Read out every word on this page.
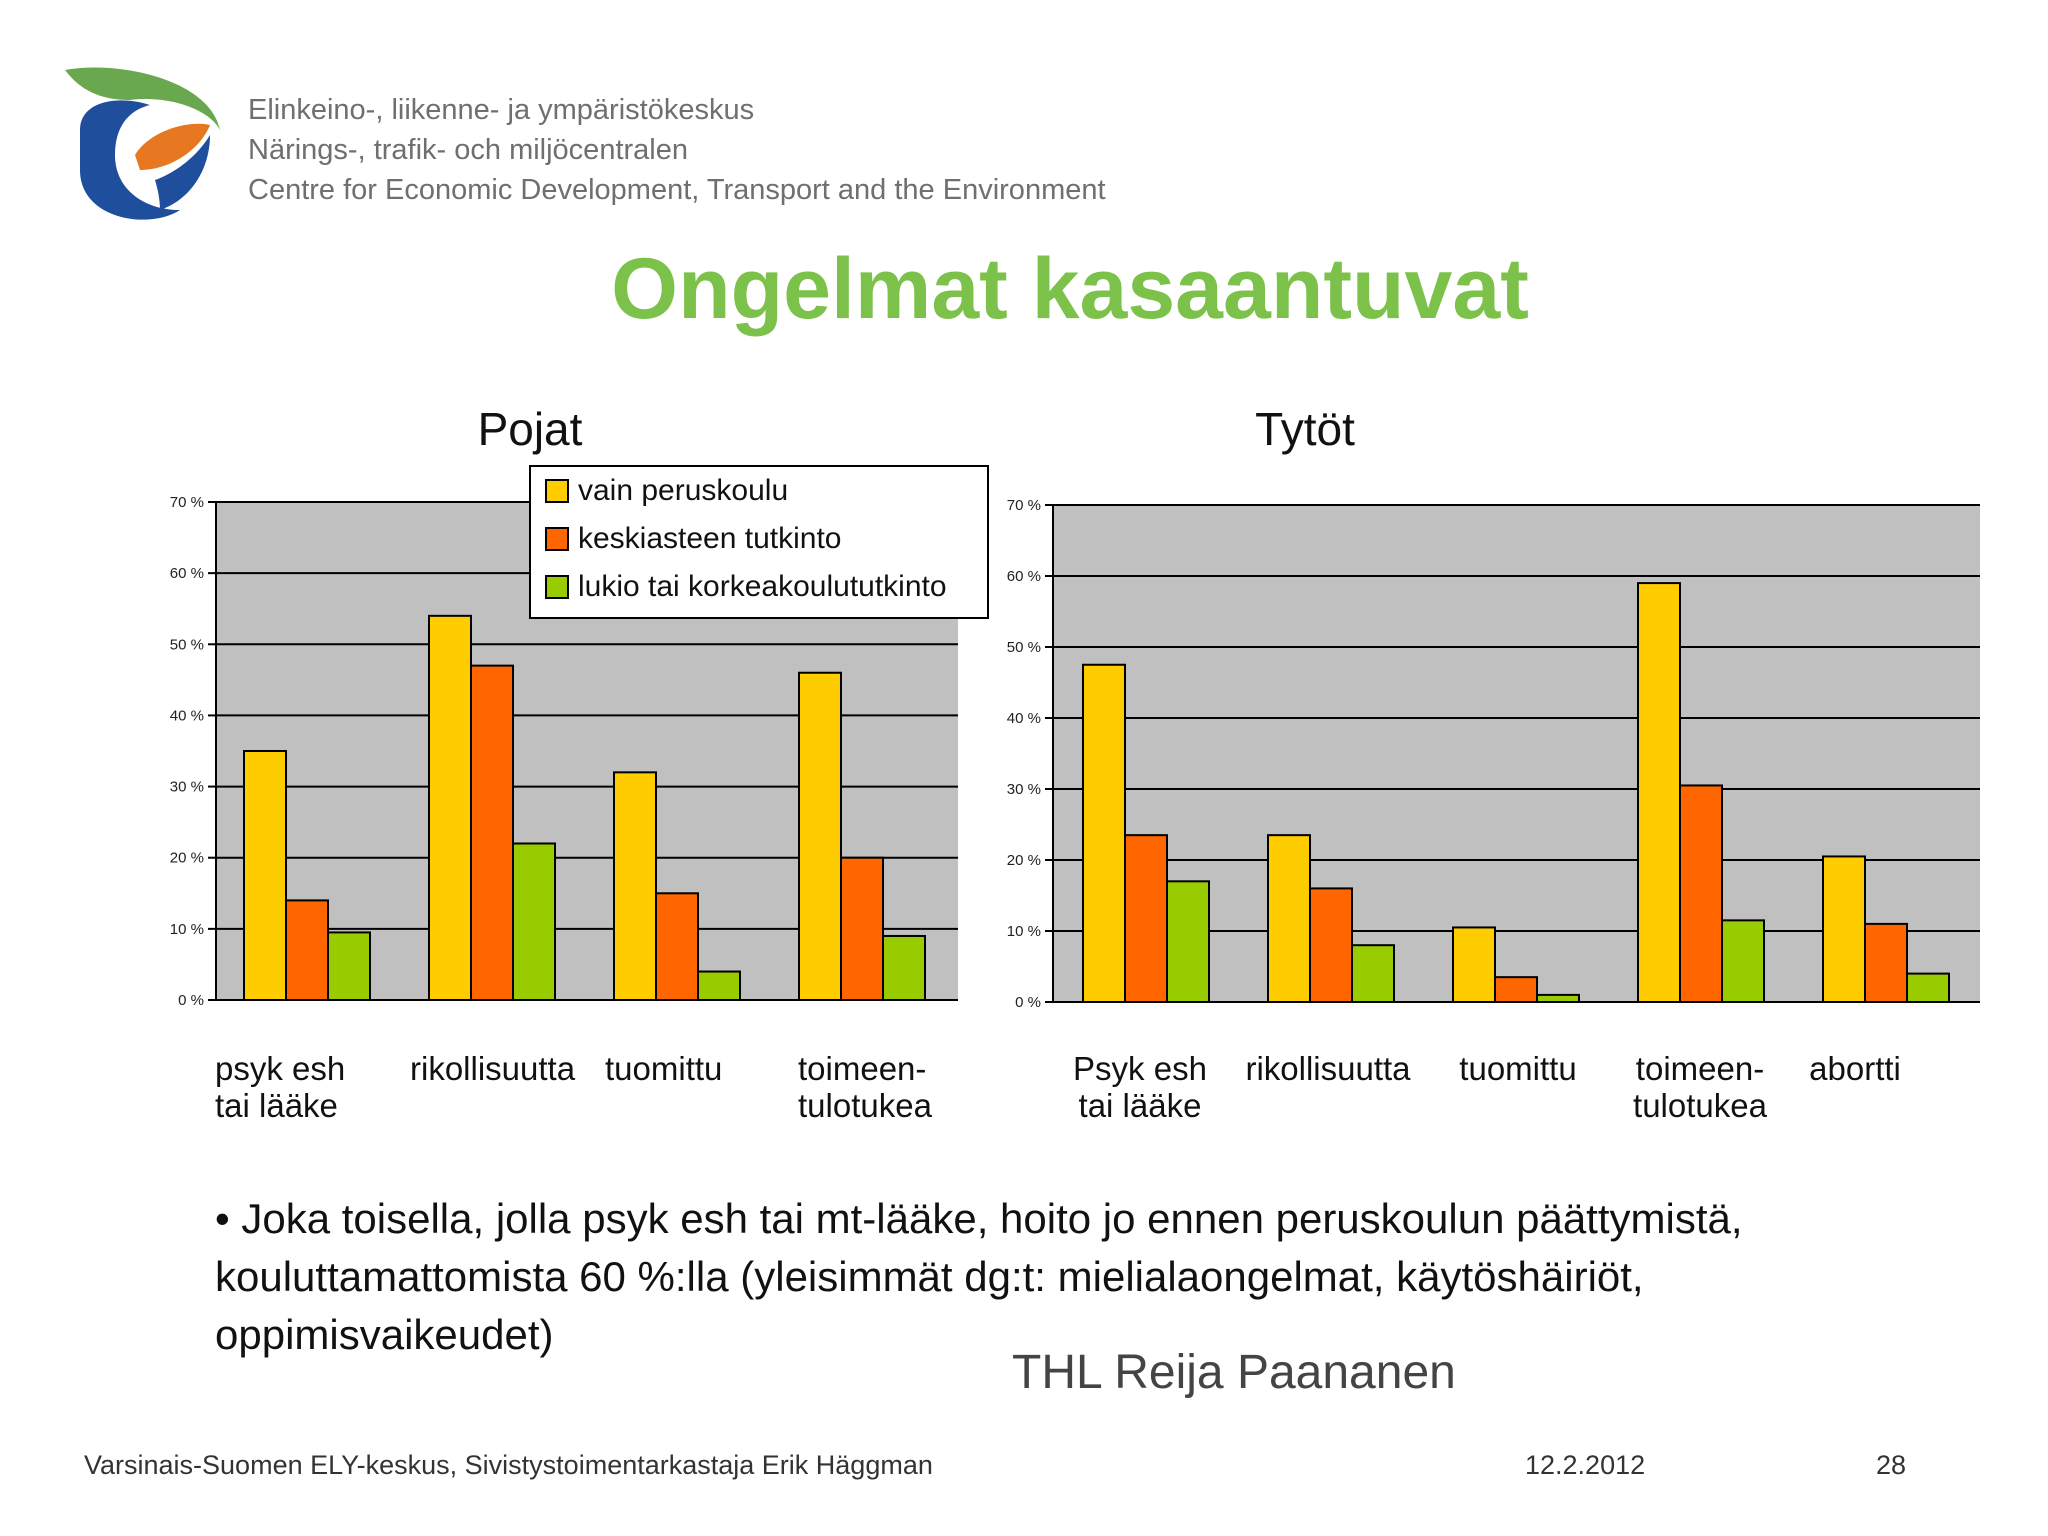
Elinkeino-, liikenne- ja ympäristökeskus
Närings-, trafik- och miljöcentralen
Centre for Economic Development, Transport and the Environment
Ongelmat kasaantuvat
0 %
10 %
20 %
30 %
40 %
50 %
60 %
70 %
psyk esh tai lääke
rikollisuutta tuomittu toimeen-tulotukea
Pojat
0 %
10 %
20 %
30 %
40 %
50 %
60 %
70 %
Psyk esh tai lääke
rikollisuutta tuomittu toimeen-tulotukea
abortti
Tytöt
vain peruskoulu
keskiasteen tutkinto
lukio tai korkeakoulututkinto
• Joka toisella, jolla psyk esh tai mt-lääke, hoito jo ennen peruskoulun päättymistä, kouluttamattomista 60 %:lla (yleisimmät dg:t: mielialaongelmat, käytöshäiriöt, oppimisvaikeudet)
THL Reija Paananen
Varsinais-Suomen ELY-keskus, Sivistystoimentarkastaja Erik Häggman	12.2.2012	28
